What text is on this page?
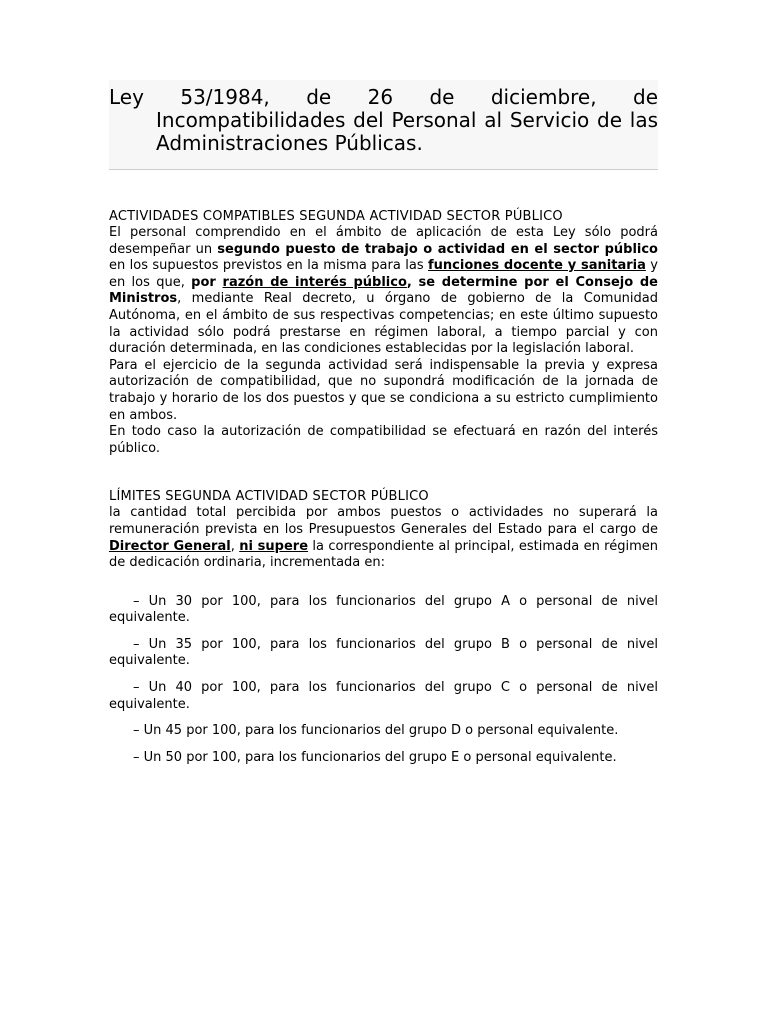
Ley 53/1984, de 26 de diciembre, de Incompatibilidades del Personal al Servicio de las Administraciones Públicas.
ACTIVIDADES COMPATIBLES SEGUNDA ACTIVIDAD SECTOR PÚBLICO

El personal comprendido en el ámbito de aplicación de esta Ley sólo podrá desempeñar un segundo puesto de trabajo o actividad en el sector público en los supuestos previstos en la misma para las funciones docente y sanitaria y en los que, por razón de interés público, se determine por el Consejo de Ministros, mediante Real decreto, u órgano de gobierno de la Comunidad Autónoma, en el ámbito de sus respectivas competencias; en este último supuesto la actividad sólo podrá prestarse en régimen laboral, a tiempo parcial y con duración determinada, en las condiciones establecidas por la legislación laboral.

Para el ejercicio de la segunda actividad será indispensable la previa y expresa autorización de compatibilidad, que no supondrá modificación de la jornada de trabajo y horario de los dos puestos y que se condiciona a su estricto cumplimiento en ambos.

En todo caso la autorización de compatibilidad se efectuará en razón del interés público.

LÍMITES SEGUNDA ACTIVIDAD SECTOR PÚBLICO

la cantidad total percibida por ambos puestos o actividades no superará la remuneración prevista en los Presupuestos Generales del Estado para el cargo de Director General, ni supere la correspondiente al principal, estimada en régimen de dedicación ordinaria, incrementada en:

– Un 30 por 100, para los funcionarios del grupo A o personal de nivel equivalente.

– Un 35 por 100, para los funcionarios del grupo B o personal de nivel equivalente.

– Un 40 por 100, para los funcionarios del grupo C o personal de nivel equivalente.

– Un 45 por 100, para los funcionarios del grupo D o personal equivalente.

– Un 50 por 100, para los funcionarios del grupo E o personal equivalente.
